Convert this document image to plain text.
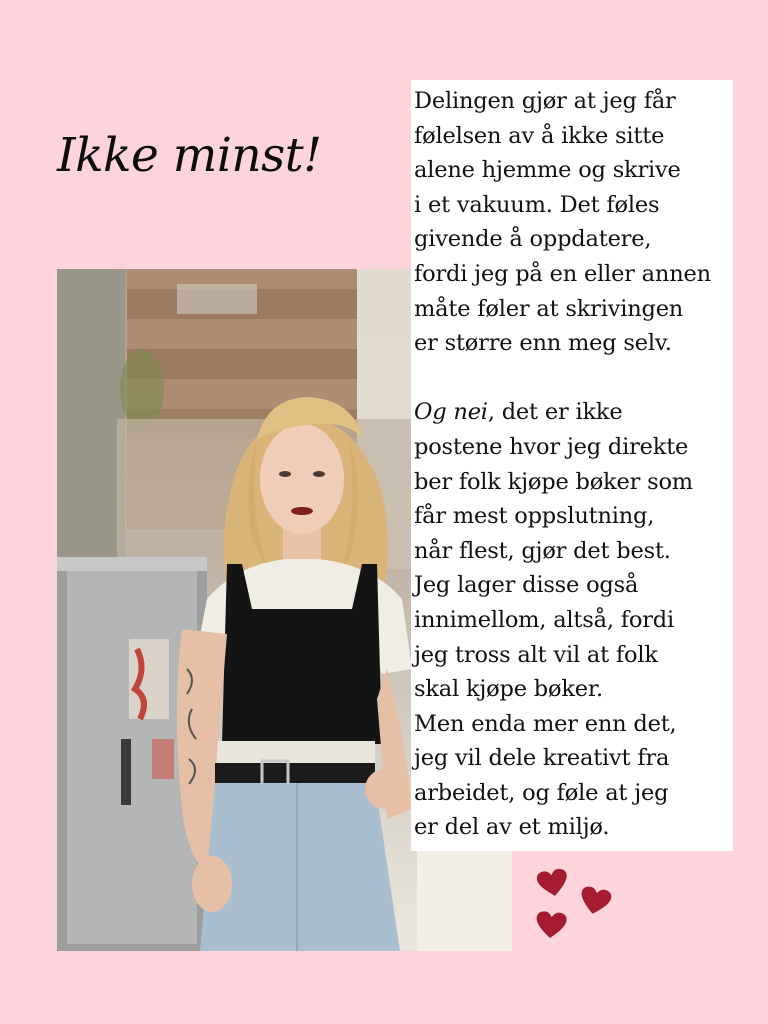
Ikke minst!

Delingen gjør at jeg får
følelsen av å ikke sitte
alene hjemme og skrive
i et vakuum. Det føles
givende å oppdatere,
fordi jeg på en eller annen
måte føler at skrivingen
er større enn meg selv.

Og nei, det er ikke
postene hvor jeg direkte
ber folk kjøpe bøker som
får mest oppslutning,
når flest, gjør det best.
Jeg lager disse også
innimellom, altså, fordi
jeg tross alt vil at folk
skal kjøpe bøker.
Men enda mer enn det,
jeg vil dele kreativt fra
arbeidet, og føle at jeg
er del av et miljø.
